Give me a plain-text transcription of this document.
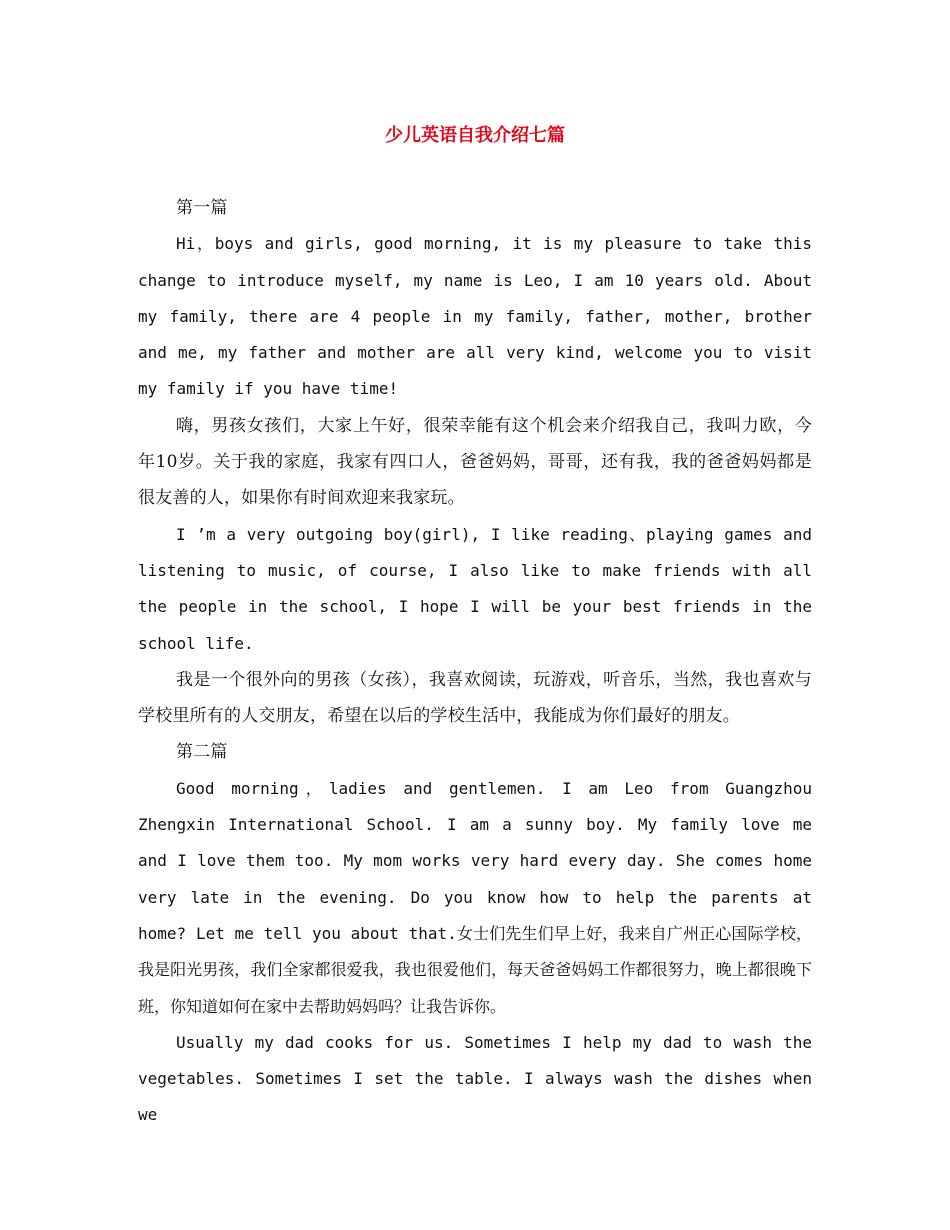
少儿英语自我介绍七篇

第一篇

Hi，boys and girls, good morning, it is my pleasure to take this change to introduce myself, my name is Leo, I am 10 years old. About my family, there are 4 people in my family, father, mother, brother and me, my father and mother are all very kind, welcome you to visit my family if you have time!

嗨，男孩女孩们，大家上午好，很荣幸能有这个机会来介绍我自己，我叫力欧，今年10岁。关于我的家庭，我家有四口人，爸爸妈妈，哥哥，还有我，我的爸爸妈妈都是很友善的人，如果你有时间欢迎来我家玩。

I ’m a very outgoing boy(girl), I like reading、playing games and listening to music, of course, I also like to make friends with all the people in the school, I hope I will be your best friends in the school life.

我是一个很外向的男孩（女孩），我喜欢阅读，玩游戏，听音乐，当然，我也喜欢与学校里所有的人交朋友，希望在以后的学校生活中，我能成为你们最好的朋友。

第二篇

Good morning，ladies and gentlemen. I am Leo from Guangzhou Zhengxin International School. I am a sunny boy. My family love me and I love them too. My mom works very hard every day. She comes home very late in the evening. Do you know how to help the parents at home? Let me tell you about that.女士们先生们早上好，我来自广州正心国际学校，我是阳光男孩，我们全家都很爱我，我也很爱他们，每天爸爸妈妈工作都很努力，晚上都很晚下班，你知道如何在家中去帮助妈妈吗？让我告诉你。

Usually my dad cooks for us. Sometimes I help my dad to wash the vegetables. Sometimes I set the table. I always wash the dishes when we
